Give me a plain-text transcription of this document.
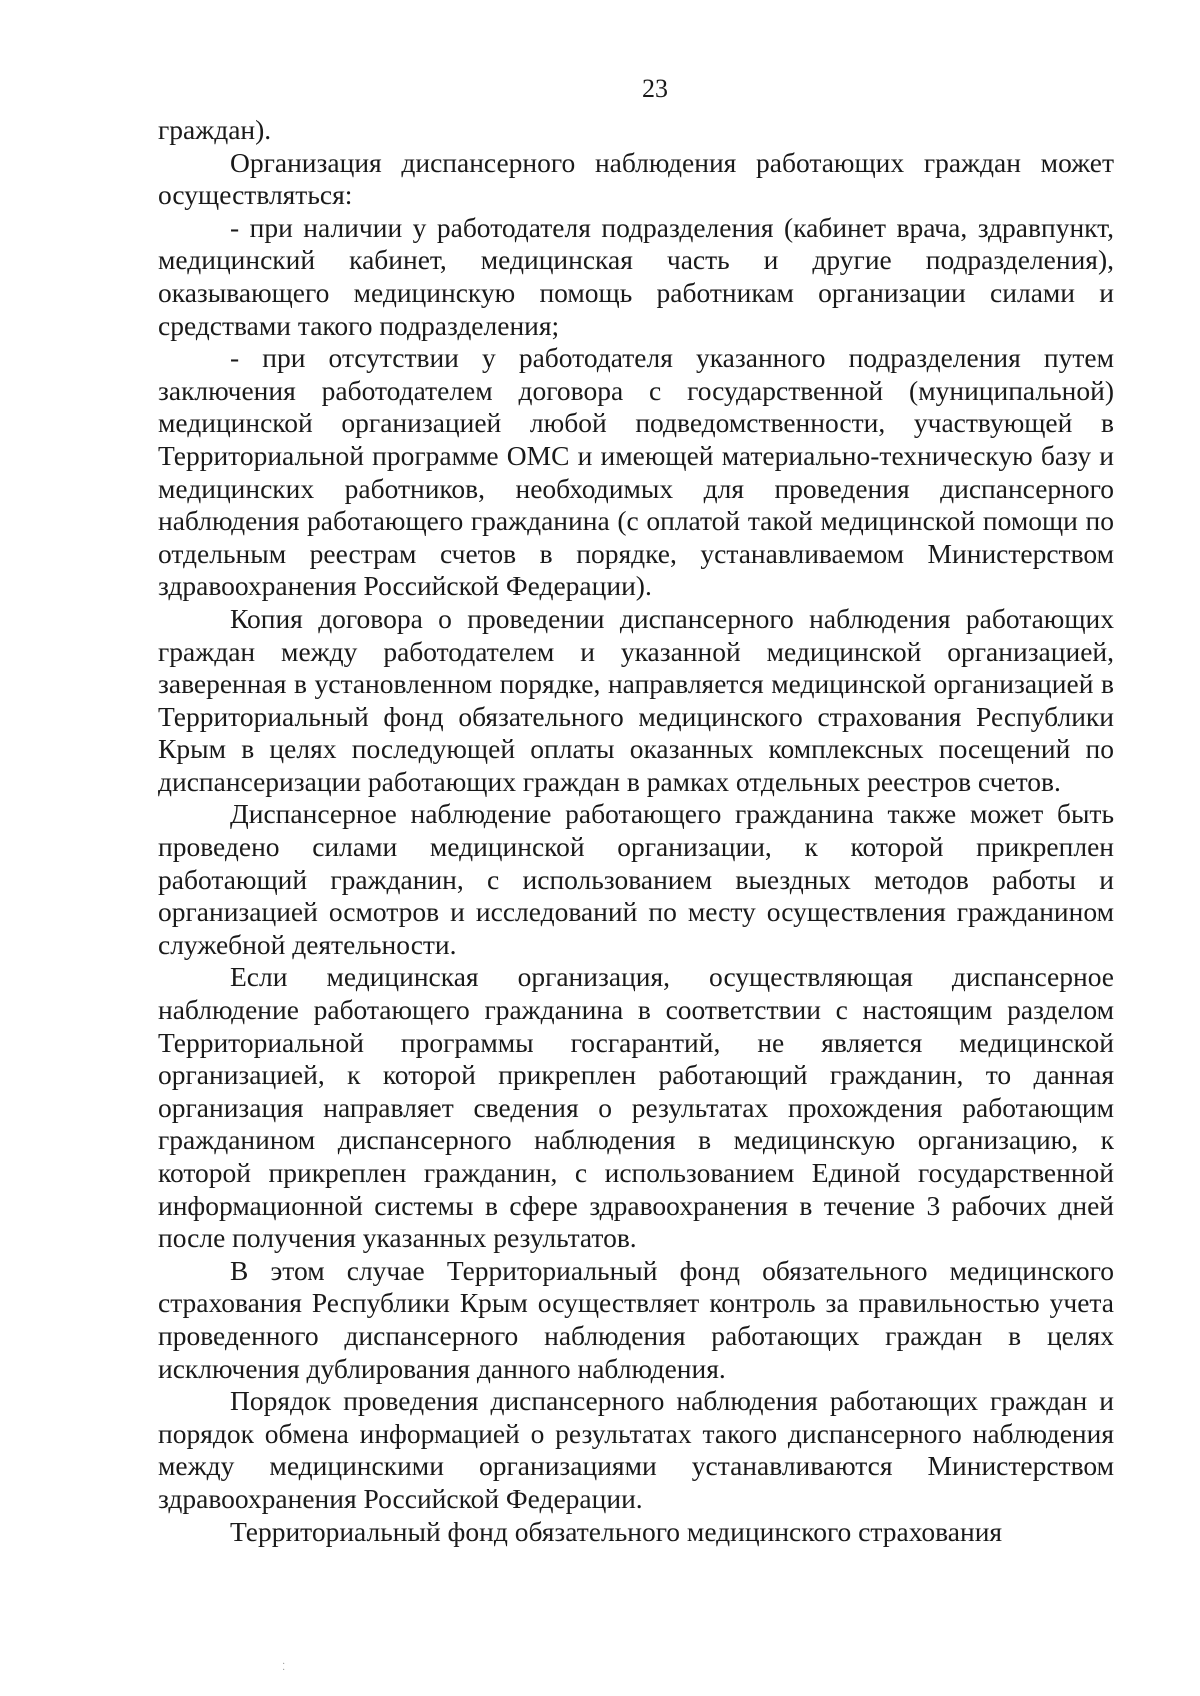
23

граждан).

Организация диспансерного наблюдения работающих граждан может осуществляться:

- при наличии у работодателя подразделения (кабинет врача, здравпункт, медицинский кабинет, медицинская часть и другие подразделения), оказывающего медицинскую помощь работникам организации силами и средствами такого подразделения;

- при отсутствии у работодателя указанного подразделения путем заключения работодателем договора с государственной (муниципальной) медицинской организацией любой подведомственности, участвующей в Территориальной программе ОМС и имеющей материально-техническую базу и медицинских работников, необходимых для проведения диспансерного наблюдения работающего гражданина (с оплатой такой медицинской помощи по отдельным реестрам счетов в порядке, устанавливаемом Министерством здравоохранения Российской Федерации).

Копия договора о проведении диспансерного наблюдения работающих граждан между работодателем и указанной медицинской организацией, заверенная в установленном порядке, направляется медицинской организацией в Территориальный фонд обязательного медицинского страхования Республики Крым в целях последующей оплаты оказанных комплексных посещений по диспансеризации работающих граждан в рамках отдельных реестров счетов.

Диспансерное наблюдение работающего гражданина также может быть проведено силами медицинской организации, к которой прикреплен работающий гражданин, с использованием выездных методов работы и организацией осмотров и исследований по месту осуществления гражданином служебной деятельности.

Если медицинская организация, осуществляющая диспансерное наблюдение работающего гражданина в соответствии с настоящим разделом Территориальной программы госгарантий, не является медицинской организацией, к которой прикреплен работающий гражданин, то данная организация направляет сведения о результатах прохождения работающим гражданином диспансерного наблюдения в медицинскую организацию, к которой прикреплен гражданин, с использованием Единой государственной информационной системы в сфере здравоохранения в течение 3 рабочих дней после получения указанных результатов.

В этом случае Территориальный фонд обязательного медицинского страхования Республики Крым осуществляет контроль за правильностью учета проведенного диспансерного наблюдения работающих граждан в целях исключения дублирования данного наблюдения.

Порядок проведения диспансерного наблюдения работающих граждан и порядок обмена информацией о результатах такого диспансерного наблюдения между медицинскими организациями устанавливаются Министерством здравоохранения Российской Федерации.

Территориальный фонд обязательного медицинского страхования

· ·
